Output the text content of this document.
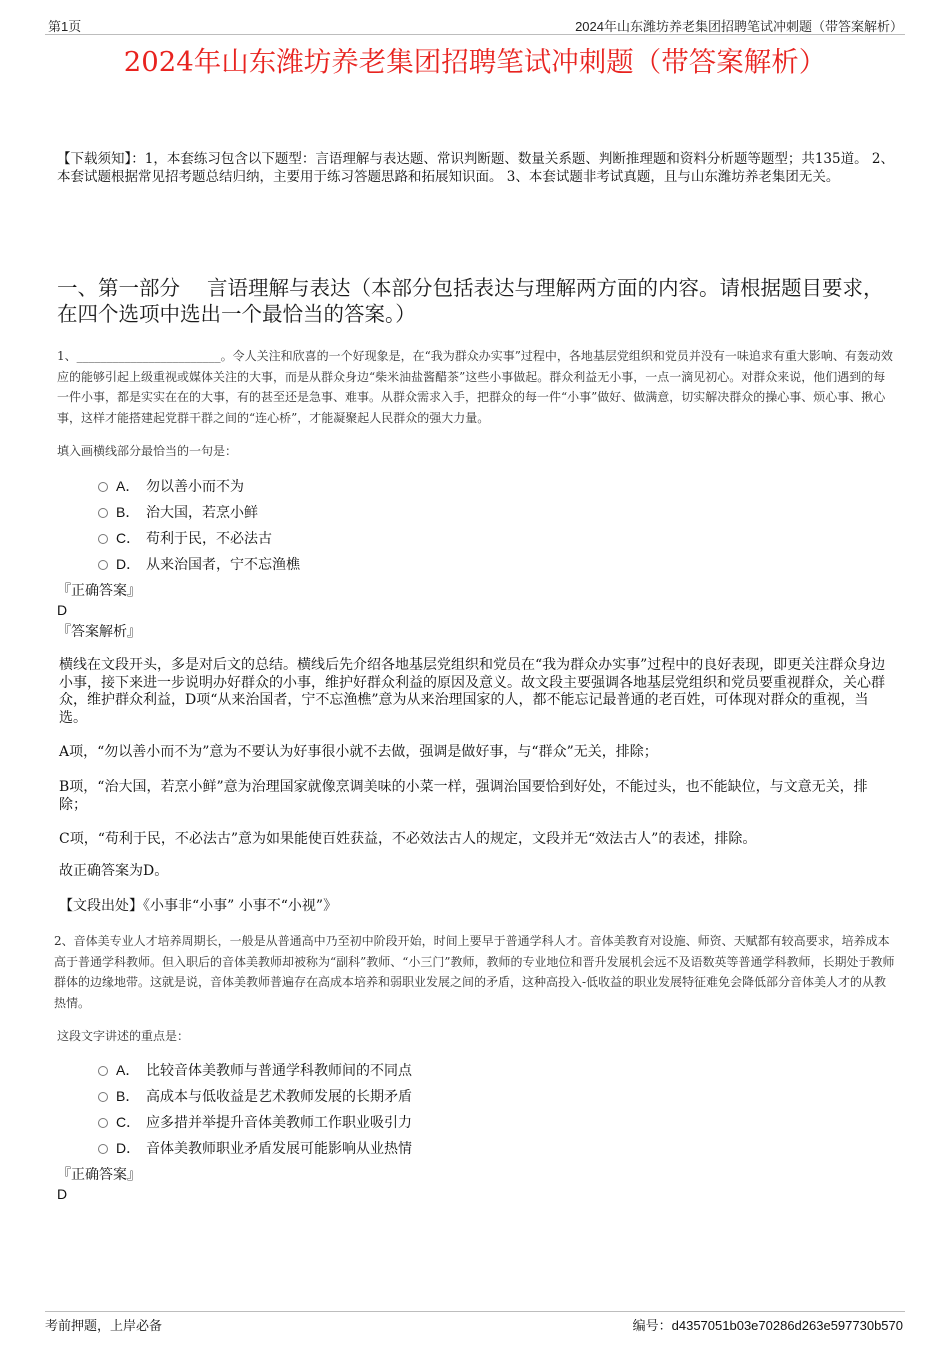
第1页	2024年山东潍坊养老集团招聘笔试冲刺题（带答案解析）
2024年山东潍坊养老集团招聘笔试冲刺题（带答案解析）
【下载须知】：1，本套练习包含以下题型：言语理解与表达题、常识判断题、数量关系题、判断推理题和资料分析题等题型；共135道。 2、本套试题根据常见招考题总结归纳，主要用于练习答题思路和拓展知识面。 3、本套试题非考试真题，且与山东潍坊养老集团无关。
一、第一部分　 言语理解与表达（本部分包括表达与理解两方面的内容。请根据题目要求，在四个选项中选出一个最恰当的答案。）
1、________________________。令人关注和欣喜的一个好现象是，在“我为群众办实事”过程中，各地基层党组织和党员并没有一味追求有重大影响、有轰动效应的能够引起上级重视或媒体关注的大事，而是从群众身边“柴米油盐酱醋茶”这些小事做起。群众利益无小事，一点一滴见初心。对群众来说，他们遇到的每一件小事，都是实实在在的大事，有的甚至还是急事、难事。从群众需求入手，把群众的每一件“小事”做好、做满意，切实解决群众的操心事、烦心事、揪心事，这样才能搭建起党群干群之间的“连心桥”，才能凝聚起人民群众的强大力量。
填入画横线部分最恰当的一句是：
A． 勿以善小而不为
B． 治大国，若烹小鲜
C． 苟利于民，不必法古
D． 从来治国者，宁不忘渔樵
『正确答案』
D
『答案解析』
横线在文段开头，多是对后文的总结。横线后先介绍各地基层党组织和党员在“我为群众办实事”过程中的良好表现，即更关注群众身边小事，接下来进一步说明办好群众的小事，维护好群众利益的原因及意义。故文段主要强调各地基层党组织和党员要重视群众，关心群众，维护群众利益，D项“从来治国者，宁不忘渔樵”意为从来治理国家的人，都不能忘记最普通的老百姓，可体现对群众的重视，当选。
A项，“勿以善小而不为”意为不要认为好事很小就不去做，强调是做好事，与“群众”无关，排除；
B项，“治大国，若烹小鲜”意为治理国家就像烹调美味的小菜一样，强调治国要恰到好处，不能过头，也不能缺位，与文意无关，排除；
C项，“苟利于民，不必法古”意为如果能使百姓获益，不必效法古人的规定，文段并无“效法古人”的表述，排除。
故正确答案为D。
【文段出处】《小事非“小事” 小事不“小视”》
2、音体美专业人才培养周期长，一般是从普通高中乃至初中阶段开始，时间上要早于普通学科人才。音体美教育对设施、师资、天赋都有较高要求，培养成本高于普通学科教师。但入职后的音体美教师却被称为“副科”教师、“小三门”教师，教师的专业地位和晋升发展机会远不及语数英等普通学科教师，长期处于教师群体的边缘地带。这就是说，音体美教师普遍存在高成本培养和弱职业发展之间的矛盾，这种高投入-低收益的职业发展特征难免会降低部分音体美人才的从教热情。
这段文字讲述的重点是：
A． 比较音体美教师与普通学科教师间的不同点
B． 高成本与低收益是艺术教师发展的长期矛盾
C． 应多措并举提升音体美教师工作职业吸引力
D． 音体美教师职业矛盾发展可能影响从业热情
『正确答案』
D
考前押题，上岸必备	编号：d4357051b03e70286d263e597730b570
